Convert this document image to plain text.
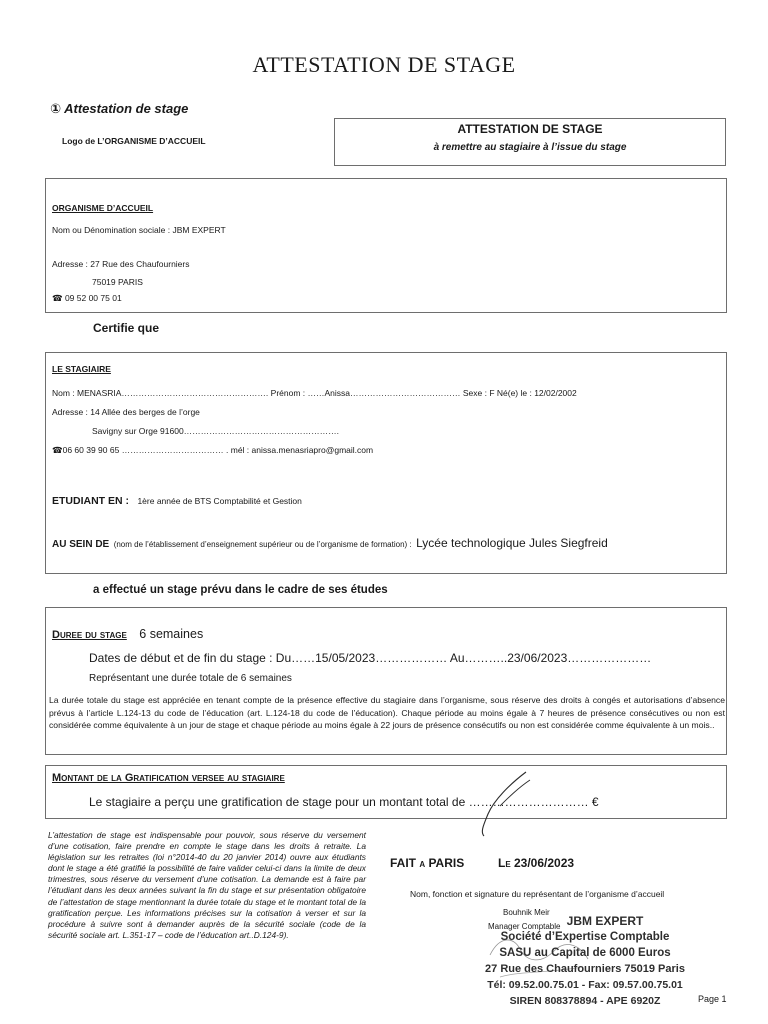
ATTESTATION DE STAGE
① Attestation de stage
Logo de L’ORGANISME D’ACCUEIL
ATTESTATION DE STAGE
à remettre au stagiaire à l’issue du stage
ORGANISME D’ACCUEIL
Nom ou Dénomination sociale : JBM EXPERT
Adresse : 27 Rue des Chaufourniers
75019 PARIS
☎ 09 52 00 75 01
Certifie que
LE STAGIAIRE
Nom : MENASRIA……………………………………………. Prénom : ……Anissa………………………………… Sexe : F Né(e) le : 12/02/2002
Adresse : 14 Allée des berges de l’orge
Savigny sur Orge 91600……………………………………………….
☎06 60 39 90 65 ……………………………… . mél : anissa.menasriapro@gmail.com
ETUDIANT EN : 1ère année de BTS Comptabilité et Gestion
AU SEIN DE (nom de l’établissement d’enseignement supérieur ou de l’organisme de formation) : Lycée technologique Jules Siegfreid
a effectué un stage prévu dans le cadre de ses études
Duree du stage 6 semaines
Dates de début et de fin du stage : Du……15/05/2023……………… Au………..23/06/2023…………………
Représentant une durée totale de 6 semaines
La durée totale du stage est appréciée en tenant compte de la présence effective du stagiaire dans l’organisme, sous réserve des droits à congés et autorisations d’absence prévus à l’article L.124-13 du code de l’éducation (art. L.124-18 du code de l’éducation). Chaque période au moins égale à 7 heures de présence consécutives ou non est considérée comme équivalente à un jour de stage et chaque période au moins égale à 22 jours de présence consécutifs ou non est considérée comme équivalente à un mois..
Montant de la Gratification versee au stagiaire
Le stagiaire a perçu une gratification de stage pour un montant total de ………………………… €
L’attestation de stage est indispensable pour pouvoir, sous réserve du versement d’une cotisation, faire prendre en compte le stage dans les droits à retraite. La législation sur les retraites (loi n°2014-40 du 20 janvier 2014) ouvre aux étudiants dont le stage a été gratifié la possibilité de faire valider celui-ci dans la limite de deux trimestres, sous réserve du versement d’une cotisation. La demande est à faire par l’étudiant dans les deux années suivant la fin du stage et sur présentation obligatoire de l’attestation de stage mentionnant la durée totale du stage et le montant total de la gratification perçue. Les informations précises sur la cotisation à verser et sur la procédure à suivre sont à demander auprès de la sécurité sociale (code de la sécurité sociale art. L.351-17 – code de l’éducation art..D.124-9).
FAIT a PARIS	Le 23/06/2023
Nom, fonction et signature du représentant de l’organisme d’accueil
Bouhnik Meir
Manager Comptable JBM EXPERT
Société d’Expertise Comptable
SASU au Capital de 6000 Euros
27 Rue des Chaufourniers 75019 Paris
Tél: 09.52.00.75.01 - Fax: 09.57.00.75.01
SIREN 808378894 - APE 6920Z	Page 1
